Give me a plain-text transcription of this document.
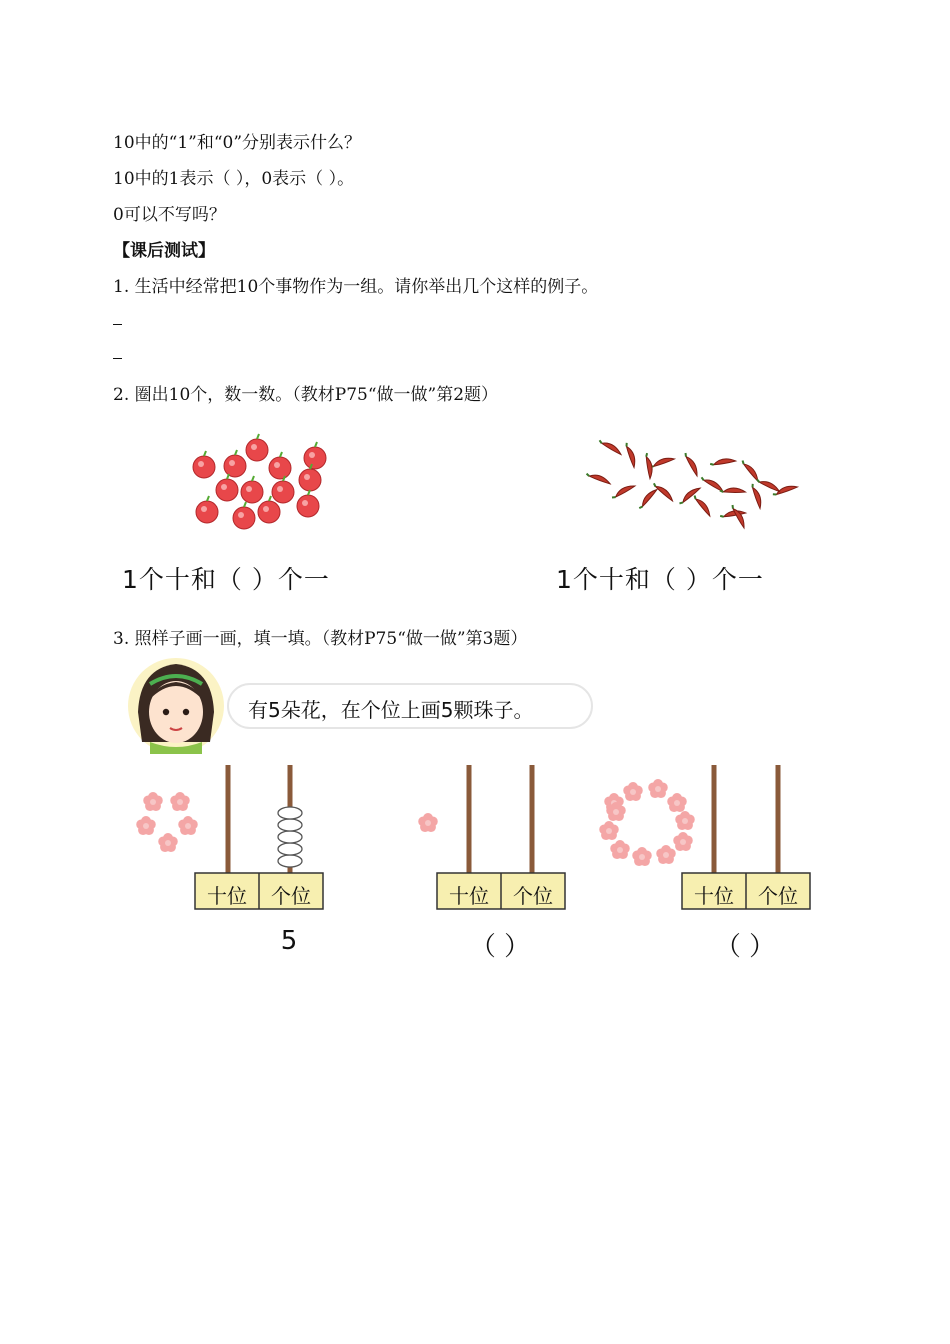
10中的“1”和“0”分别表示什么？
10中的1表示（ ），0表示（ ）。
0可以不写吗？
【课后测试】
1. 生活中经常把10个事物作为一组。请你举出几个这样的例子。
2. 圈出10个，数一数。（教材P75“做一做”第2题）
1个十和（ ）个一	1个十和（ ）个一
3. 照样子画一画，填一填。（教材P75“做一做”第3题）
有5朵花，在个位上画5颗珠子。
十位	个位
5
十位	个位
（ ）
十位	个位
（ ）
